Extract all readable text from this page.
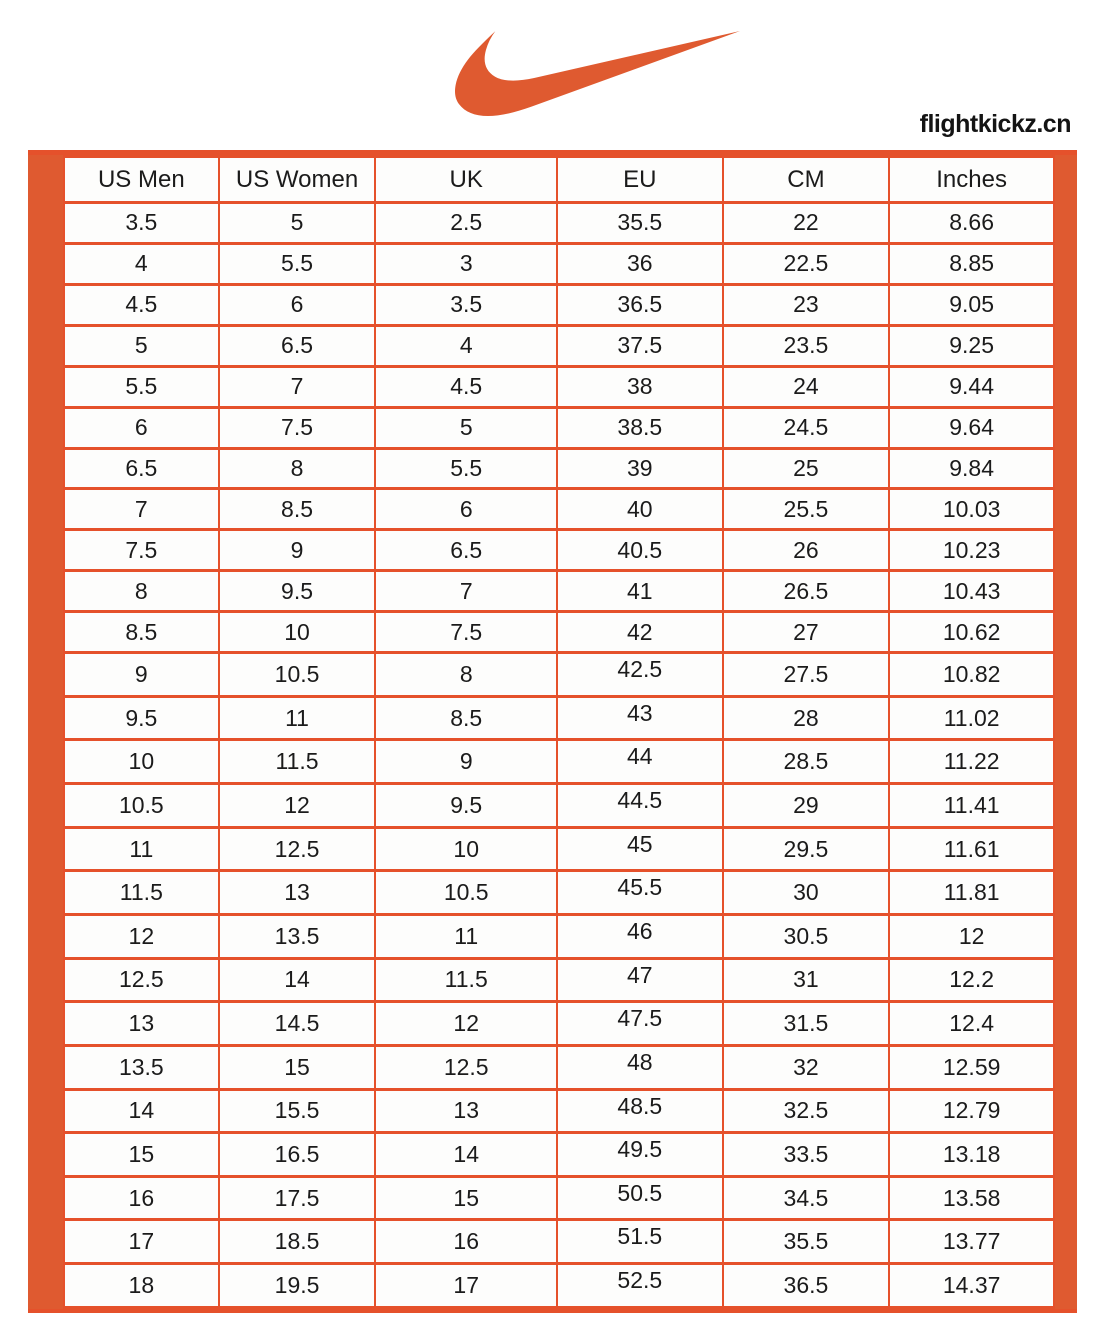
flightkickz.cn
US Men	US Women	UK	EU	CM	Inches
3.5	5	2.5	35.5	22	8.66
4	5.5	3	36	22.5	8.85
4.5	6	3.5	36.5	23	9.05
5	6.5	4	37.5	23.5	9.25
5.5	7	4.5	38	24	9.44
6	7.5	5	38.5	24.5	9.64
6.5	8	5.5	39	25	9.84
7	8.5	6	40	25.5	10.03
7.5	9	6.5	40.5	26	10.23
8	9.5	7	41	26.5	10.43
8.5	10	7.5	42	27	10.62
9	10.5	8	42.5	27.5	10.82
9.5	11	8.5	43	28	11.02
10	11.5	9	44	28.5	11.22
10.5	12	9.5	44.5	29	11.41
11	12.5	10	45	29.5	11.61
11.5	13	10.5	45.5	30	11.81
12	13.5	11	46	30.5	12
12.5	14	11.5	47	31	12.2
13	14.5	12	47.5	31.5	12.4
13.5	15	12.5	48	32	12.59
14	15.5	13	48.5	32.5	12.79
15	16.5	14	49.5	33.5	13.18
16	17.5	15	50.5	34.5	13.58
17	18.5	16	51.5	35.5	13.77
18	19.5	17	52.5	36.5	14.37
